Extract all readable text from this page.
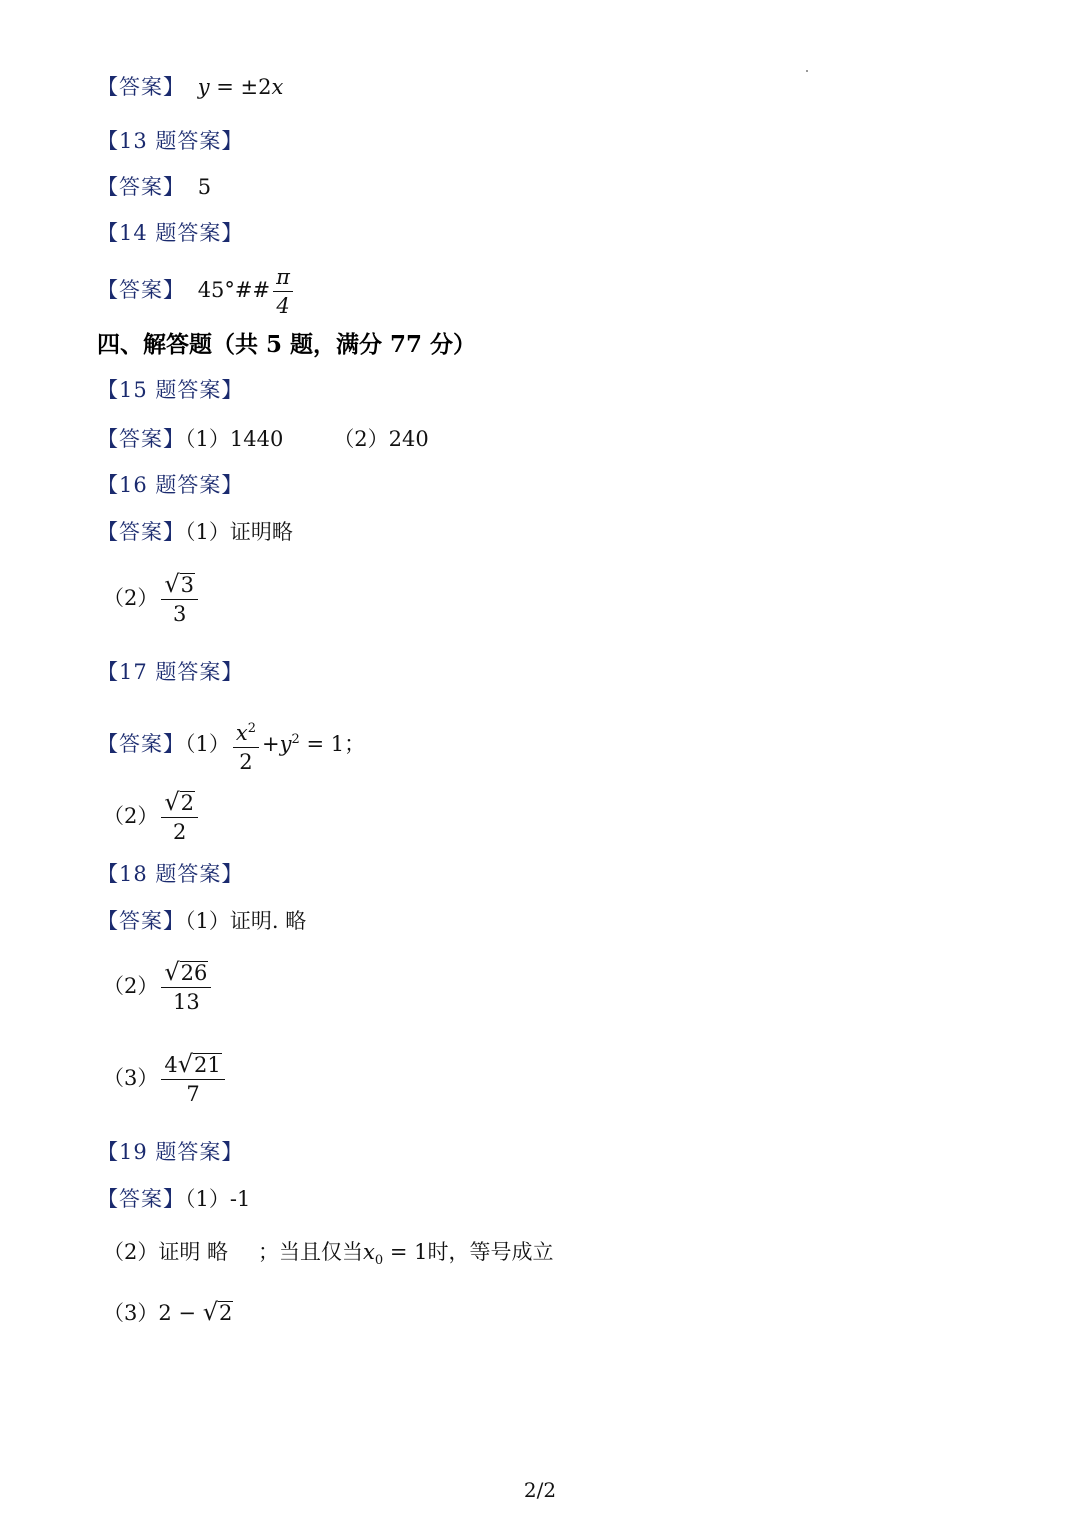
【答案】 y = ±2x
【13 题答案】
【答案】 5
【14 题答案】
【答案】 45°## $\frac{\pi}{4}$
四、解答题（共 5 题，满分 77 分）
【15 题答案】
【答案】（1）1440 （2）240
【16 题答案】
【答案】（1）证明略
$(2) \frac{√ 3}{3}$
【17 题答案】
【答案】$(1) \frac{x^2}{2} +y^2 = 1$；
$(2) \frac{√ 2}{2}$
【18 题答案】
【答案】（1）证明. 略
$(2) \frac{√ 26}{13}$
$(3) \frac{4 √ 21}{7}$
【19 题答案】
【答案】（1）-1
（2）证明 略 ；当且仅当$x_0 = 1$时，等号成立
（3）2 − √ 2
2/2
